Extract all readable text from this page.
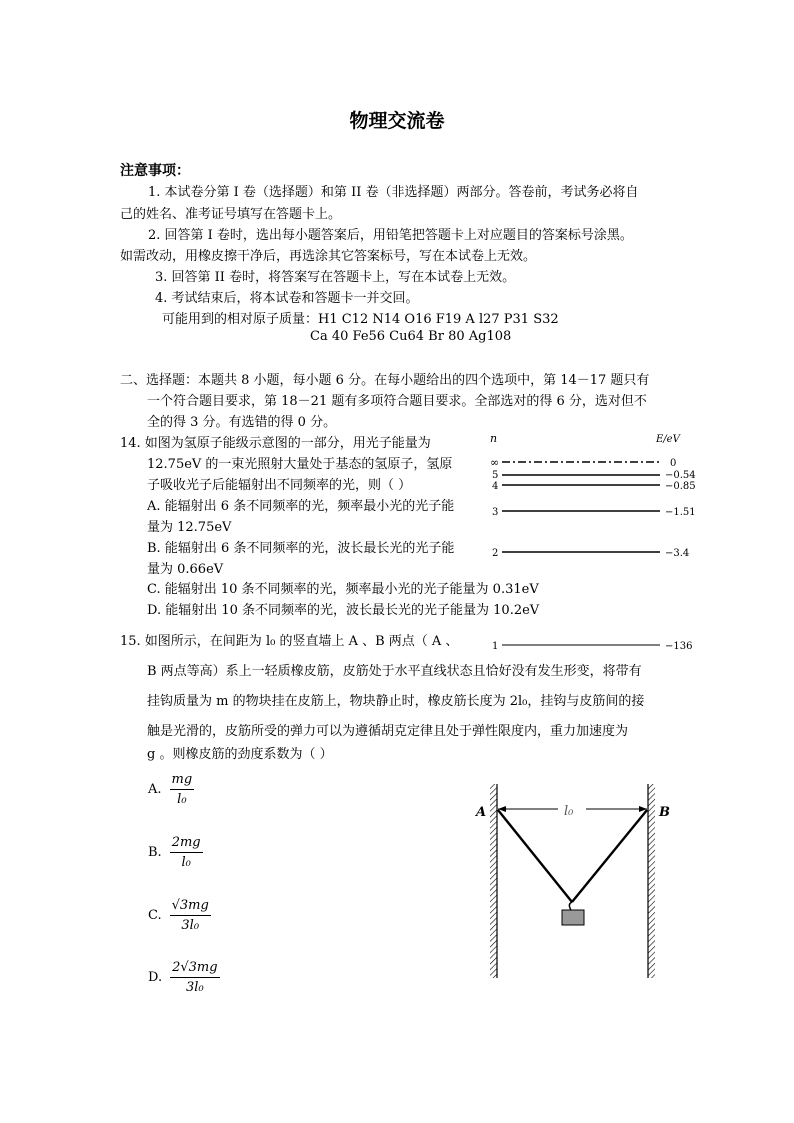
物理交流卷
注意事项：
1. 本试卷分第 I 卷（选择题）和第 II 卷（非选择题）两部分。答卷前，考试务必将自
己的姓名、准考证号填写在答题卡上。
2. 回答第 I 卷时，选出每小题答案后，用铅笔把答题卡上对应题目的答案标号涂黑。
如需改动，用橡皮擦干净后，再选涂其它答案标号，写在本试卷上无效。
3. 回答第 II 卷时，将答案写在答题卡上，写在本试卷上无效。
4. 考试结束后，将本试卷和答题卡一并交回。
可能用到的相对原子质量：H1 C12 N14 O16 F19 A l27 P31 S32
Ca 40 Fe56 Cu64 Br 80 Ag108
二、选择题：本题共 8 小题，每小题 6 分。在每小题给出的四个选项中，第 14－17 题只有
一个符合题目要求，第 18－21 题有多项符合题目要求。全部选对的得 6 分，选对但不
全的得 3 分。有选错的得 0 分。
14. 如图为氢原子能级示意图的一部分，用光子能量为
12.75eV 的一束光照射大量处于基态的氢原子，氢原
子吸收光子后能辐射出不同频率的光，则（ ）
A. 能辐射出 6 条不同频率的光，频率最小光的光子能
量为 12.75eV
B. 能辐射出 6 条不同频率的光，波长最长光的光子能
量为 0.66eV
C. 能辐射出 10 条不同频率的光，频率最小光的光子能量为 0.31eV
D. 能辐射出 10 条不同频率的光，波长最长光的光子能量为 10.2eV
n	E/eV
∞	0
5	−0.54
4	−0.85
3	−1.51
2	−3.4
1	−136
15. 如图所示，在间距为 l₀ 的竖直墙上 A 、B 两点（ A 、
B 两点等高）系上一轻质橡皮筋，皮筋处于水平直线状态且恰好没有发生形变，将带有
挂钩质量为 m 的物块挂在皮筋上，物块静止时，橡皮筋长度为 2l₀，挂钩与皮筋间的接
触是光滑的，皮筋所受的弹力可以为遵循胡克定律且处于弹性限度内，重力加速度为
g 。则橡皮筋的劲度系数为（ ）
A. $\frac{mg}{\text{l₀}}$
B. $\frac{2mg}{\text{l₀}}$
C. $\frac{√3mg}{\text{3l₀}}$
D. $\frac{2√3mg}{\text{3l₀}}$
l₀
A	B
